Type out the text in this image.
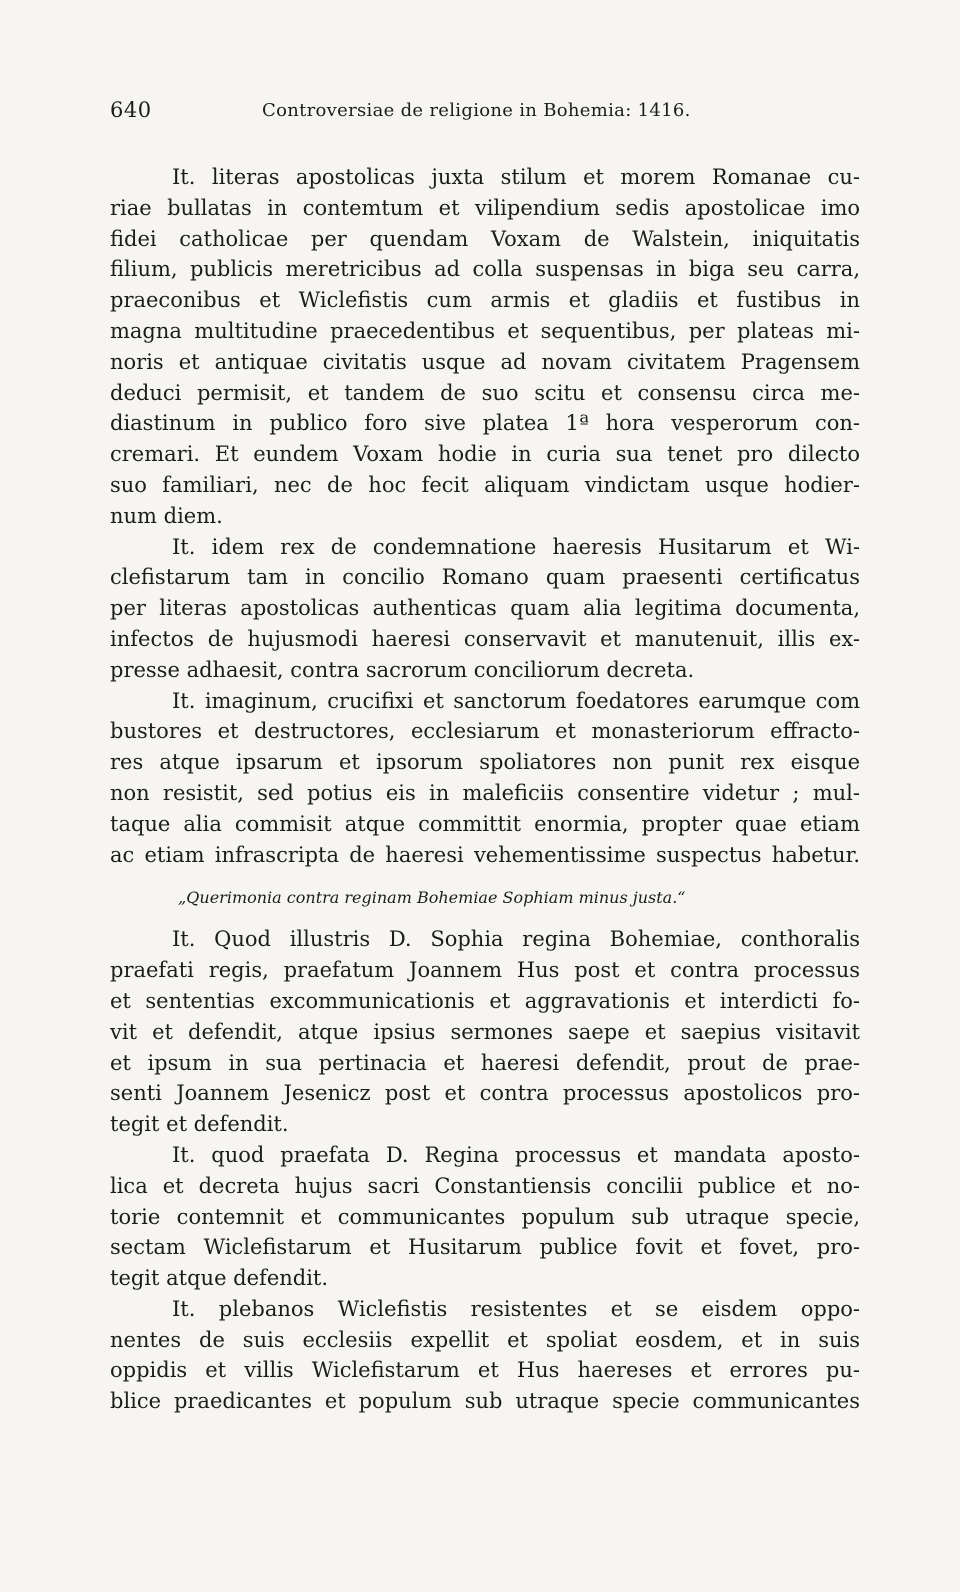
640	Controversiae de religione in Bohemia: 1416.
It. literas apostolicas juxta stilum et morem Romanae cu-
riae bullatas in contemtum et vilipendium sedis apostolicae imo
fidei catholicae per quendam Voxam de Walstein, iniquitatis
filium, publicis meretricibus ad colla suspensas in biga seu carra,
praeconibus et Wiclefistis cum armis et gladiis et fustibus in
magna multitudine praecedentibus et sequentibus, per plateas mi-
noris et antiquae civitatis usque ad novam civitatem Pragensem
deduci permisit, et tandem de suo scitu et consensu circa me-
diastinum in publico foro sive platea 1ª hora vesperorum con-
cremari. Et eundem Voxam hodie in curia sua tenet pro dilecto
suo familiari, nec de hoc fecit aliquam vindictam usque hodier-
num diem.
It. idem rex de condemnatione haeresis Husitarum et Wi-
clefistarum tam in concilio Romano quam praesenti certificatus
per literas apostolicas authenticas quam alia legitima documenta,
infectos de hujusmodi haeresi conservavit et manutenuit, illis ex-
presse adhaesit, contra sacrorum conciliorum decreta.
It. imaginum, crucifixi et sanctorum foedatores earumque com
bustores et destructores, ecclesiarum et monasteriorum effracto-
res atque ipsarum et ipsorum spoliatores non punit rex eisque
non resistit, sed potius eis in maleficiis consentire videtur ; mul-
taque alia commisit atque committit enormia, propter quae etiam
ac etiam infrascripta de haeresi vehementissime suspectus habetur.
„Querimonia contra reginam Bohemiae Sophiam minus justa.“
It. Quod illustris D. Sophia regina Bohemiae, conthoralis
praefati regis, praefatum Joannem Hus post et contra processus
et sententias excommunicationis et aggravationis et interdicti fo-
vit et defendit, atque ipsius sermones saepe et saepius visitavit
et ipsum in sua pertinacia et haeresi defendit, prout de prae-
senti Joannem Jesenicz post et contra processus apostolicos pro-
tegit et defendit.
It. quod praefata D. Regina processus et mandata aposto-
lica et decreta hujus sacri Constantiensis concilii publice et no-
torie contemnit et communicantes populum sub utraque specie,
sectam Wiclefistarum et Husitarum publice fovit et fovet, pro-
tegit atque defendit.
It. plebanos Wiclefistis resistentes et se eisdem oppo-
nentes de suis ecclesiis expellit et spoliat eosdem, et in suis
oppidis et villis Wiclefistarum et Hus haereses et errores pu-
blice praedicantes et populum sub utraque specie communicantes
